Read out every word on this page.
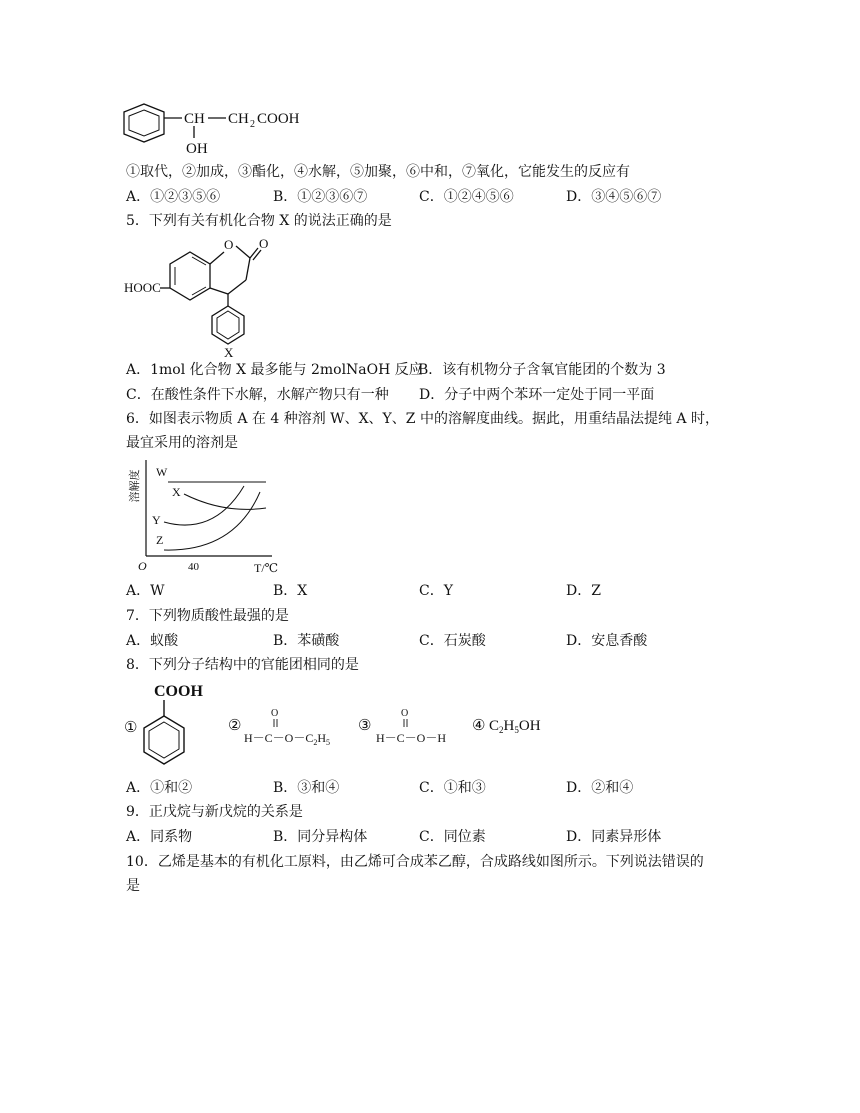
CH CH 2 COOH
OH
①取代，②加成，③酯化，④水解，⑤加聚，⑥中和，⑦氧化，它能发生的反应有
A．①②③⑤⑥	B．①②③⑥⑦	C．①②④⑤⑥	D．③④⑤⑥⑦
5．下列有关有机化合物 X 的说法正确的是
O O
HOOC
X
A．1mol 化合物 X 最多能与 2molNaOH 反应
B．该有机物分子含氧官能团的个数为 3
C．在酸性条件下水解，水解产物只有一种 D．分子中两个苯环一定处于同一平面
6．如图表示物质 A 在 4 种溶剂 W、X、Y、Z 中的溶解度曲线。据此，用重结晶法提纯 A 时，
最宜采用的溶剂是
溶解度 W
X
Y
Z
O	40	T/℃
A．W	B．X	C．Y	D．Z
7．下列物质酸性最强的是
A．蚁酸	B．苯磺酸	C．石炭酸	D．安息香酸
8．下列分子结构中的官能团相同的是
①
COOH
②
O
$H-C-O-C_2H_5$
③
O
H－C－O－H
④ $C_2H_5OH$
A．①和②	B．③和④	C．①和③	D．②和④
9．正戊烷与新戊烷的关系是
A．同系物	B．同分异构体	C．同位素	D．同素异形体
10．乙烯是基本的有机化工原料，由乙烯可合成苯乙醇，合成路线如图所示。下列说法错误的
是
